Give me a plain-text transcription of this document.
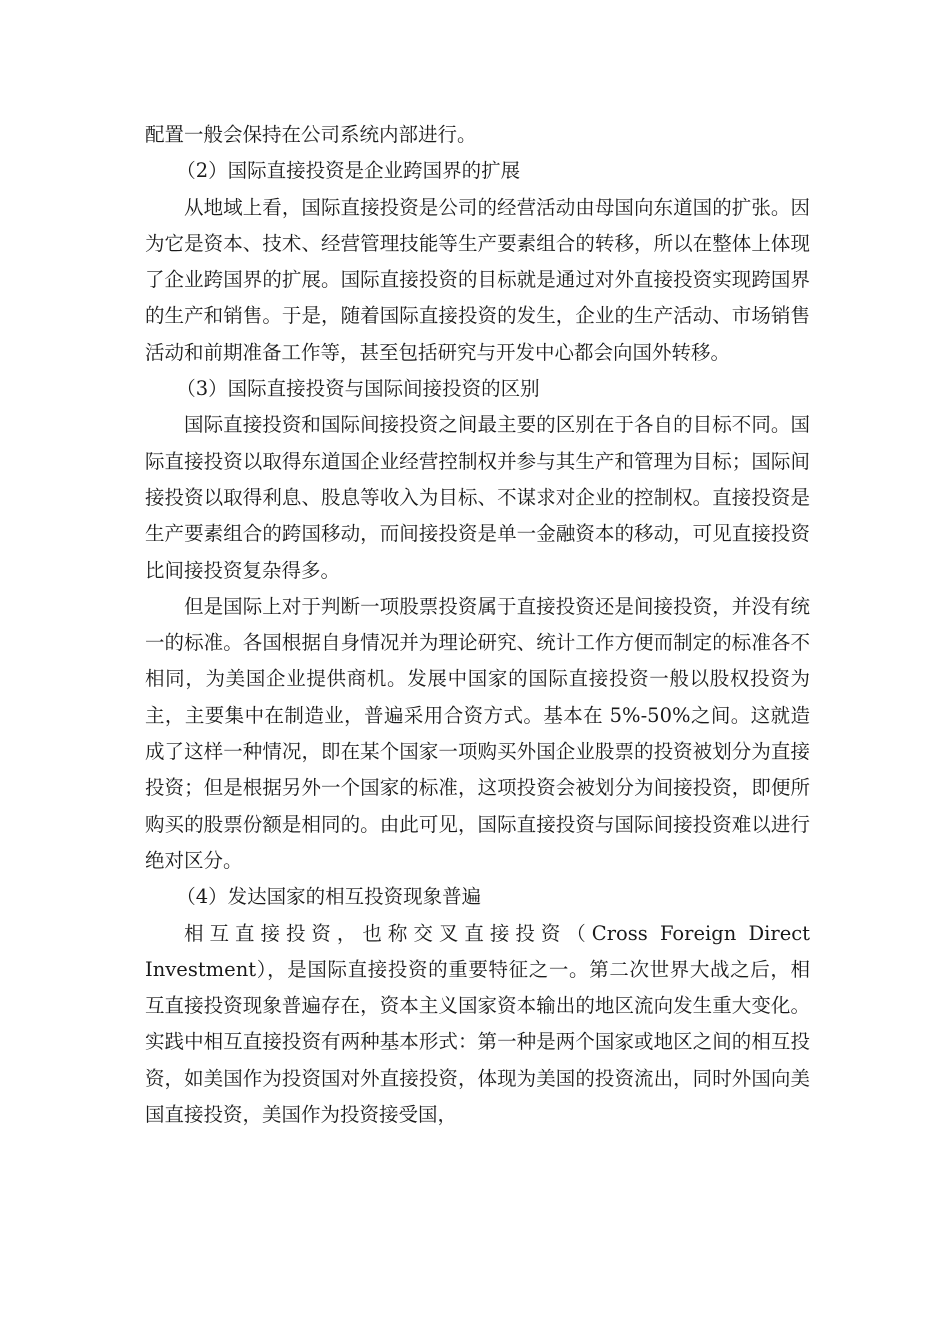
配置一般会保持在公司系统内部进行。

（2）国际直接投资是企业跨国界的扩展

从地域上看，国际直接投资是公司的经营活动由母国向东道国的扩张。因为它是资本、技术、经营管理技能等生产要素组合的转移，所以在整体上体现了企业跨国界的扩展。国际直接投资的目标就是通过对外直接投资实现跨国界的生产和销售。于是，随着国际直接投资的发生，企业的生产活动、市场销售活动和前期准备工作等，甚至包括研究与开发中心都会向国外转移。

（3）国际直接投资与国际间接投资的区别

国际直接投资和国际间接投资之间最主要的区别在于各自的目标不同。国际直接投资以取得东道国企业经营控制权并参与其生产和管理为目标；国际间接投资以取得利息、股息等收入为目标、不谋求对企业的控制权。直接投资是生产要素组合的跨国移动，而间接投资是单一金融资本的移动，可见直接投资比间接投资复杂得多。

但是国际上对于判断一项股票投资属于直接投资还是间接投资，并没有统一的标准。各国根据自身情况并为理论研究、统计工作方便而制定的标准各不相同，为美国企业提供商机。发展中国家的国际直接投资一般以股权投资为主，主要集中在制造业，普遍采用合资方式。基本在 5%-50%之间。这就造成了这样一种情况，即在某个国家一项购买外国企业股票的投资被划分为直接投资；但是根据另外一个国家的标准，这项投资会被划分为间接投资，即便所购买的股票份额是相同的。由此可见，国际直接投资与国际间接投资难以进行绝对区分。

（4）发达国家的相互投资现象普遍

相互直接投资，也称交叉直接投资（Cross Foreign Direct Investment），是国际直接投资的重要特征之一。第二次世界大战之后，相互直接投资现象普遍存在，资本主义国家资本输出的地区流向发生重大变化。实践中相互直接投资有两种基本形式：第一种是两个国家或地区之间的相互投资，如美国作为投资国对外直接投资，体现为美国的投资流出，同时外国向美国直接投资，美国作为投资接受国，
